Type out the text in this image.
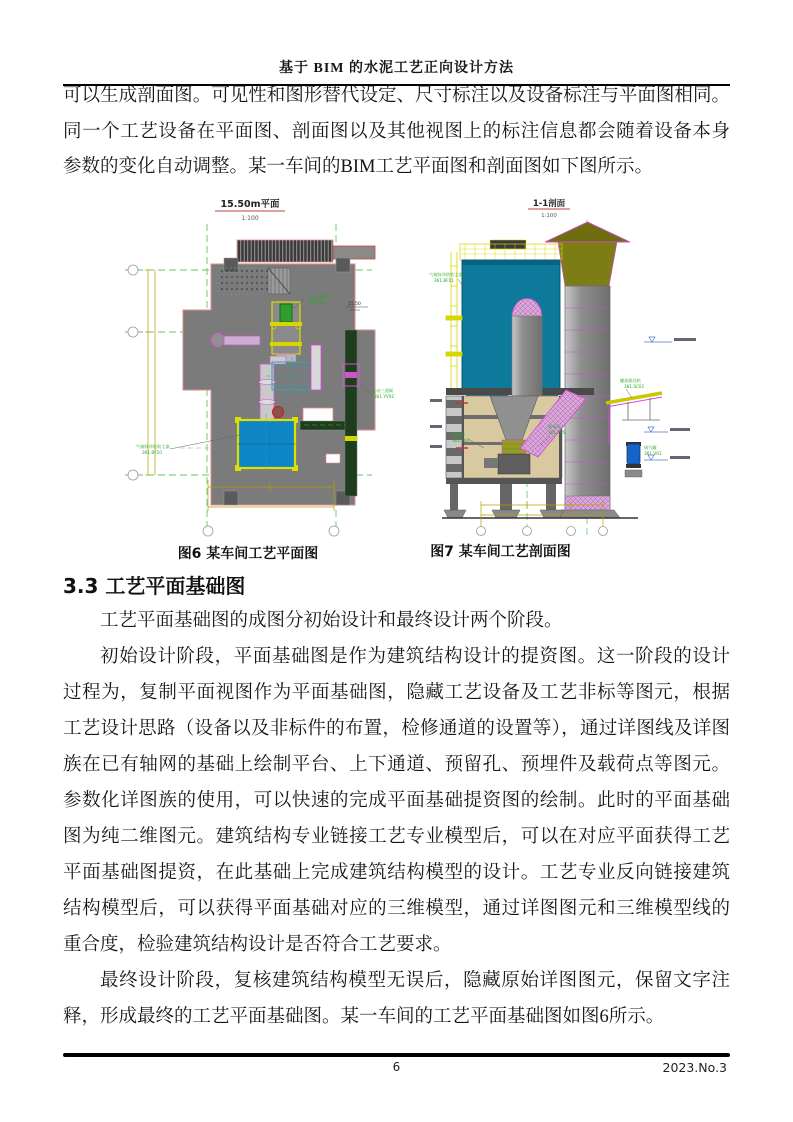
基于 BIM 的水泥工艺正向设计方法
可以生成剖面图。可见性和图形替代设定、尺寸标注以及设备标注与平面图相同。
同一个工艺设备在平面图、剖面图以及其他视图上的标注信息都会随着设备本身
参数的变化自动调整。某一车间的BIM工艺平面图和剖面图如下图所示。
15.50m平面
1:100
15.50
离心式通风机
361.P02
气箱脉冲袋收尘器
361.BF10
电动三通阀
361.YV02
1-1剖面
1:100
气箱脉冲袋收尘器
361.BF01
卸灰阀
361.F04
卸灰阀
361.F05
储气罐
361.V01
螺旋输送机
361.SC01
图6 某车间工艺平面图	图7 某车间工艺剖面图
3.3 工艺平面基础图
工艺平面基础图的成图分初始设计和最终设计两个阶段。
初始设计阶段，平面基础图是作为建筑结构设计的提资图。这一阶段的设计
过程为，复制平面视图作为平面基础图，隐藏工艺设备及工艺非标等图元，根据
工艺设计思路（设备以及非标件的布置，检修通道的设置等），通过详图线及详图
族在已有轴网的基础上绘制平台、上下通道、预留孔、预埋件及载荷点等图元。
参数化详图族的使用，可以快速的完成平面基础提资图的绘制。此时的平面基础
图为纯二维图元。建筑结构专业链接工艺专业模型后，可以在对应平面获得工艺
平面基础图提资，在此基础上完成建筑结构模型的设计。工艺专业反向链接建筑
结构模型后，可以获得平面基础对应的三维模型，通过详图图元和三维模型线的
重合度，检验建筑结构设计是否符合工艺要求。
最终设计阶段，复核建筑结构模型无误后，隐藏原始详图图元，保留文字注
释，形成最终的工艺平面基础图。某一车间的工艺平面基础图如图6所示。
6	2023.No.3
